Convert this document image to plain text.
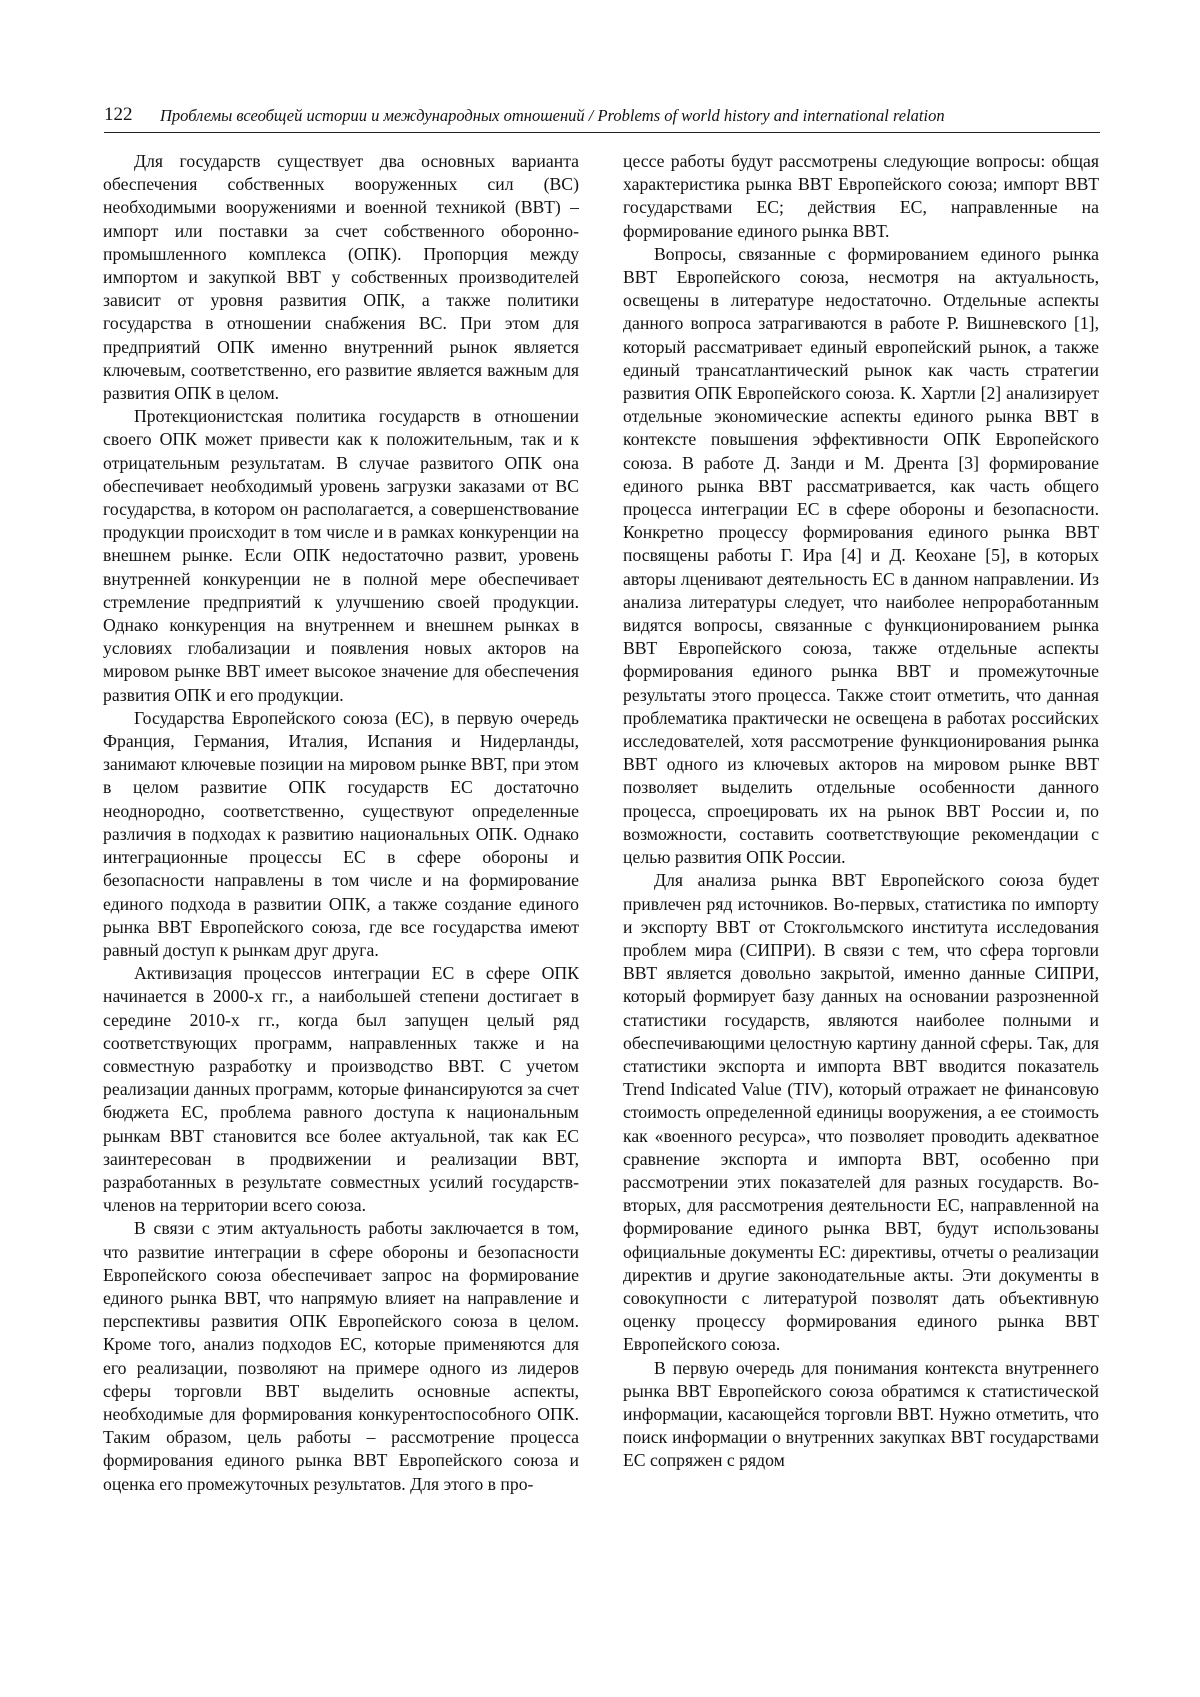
122 Проблемы всеобщей истории и международных отношений / Problems of world history and international relation

Для государств существует два основных варианта обеспечения собственных вооруженных сил (ВС) необходимыми вооружениями и военной техникой (ВВТ) – импорт или поставки за счет собственного оборонно-промышленного комплекса (ОПК). Пропорция между импортом и закупкой ВВТ у собственных производителей зависит от уровня развития ОПК, а также политики государства в отношении снабжения ВС. При этом для предприятий ОПК именно внутренний рынок является ключевым, соответственно, его развитие является важным для развития ОПК в целом.

Протекционистская политика государств в отношении своего ОПК может привести как к положительным, так и к отрицательным результатам. В случае развитого ОПК она обеспечивает необходимый уровень загрузки заказами от ВС государства, в котором он располагается, а совершенствование продукции происходит в том числе и в рамках конкуренции на внешнем рынке. Если ОПК недостаточно развит, уровень внутренней конкуренции не в полной мере обеспечивает стремление предприятий к улучшению своей продукции. Однако конкуренция на внутреннем и внешнем рынках в условиях глобализации и появления новых акторов на мировом рынке ВВТ имеет высокое значение для обеспечения развития ОПК и его продукции.

Государства Европейского союза (ЕС), в первую очередь Франция, Германия, Италия, Испания и Нидерланды, занимают ключевые позиции на мировом рынке ВВТ, при этом в целом развитие ОПК государств ЕС достаточно неоднородно, соответственно, существуют определенные различия в подходах к развитию национальных ОПК. Однако интеграционные процессы ЕС в сфере обороны и безопасности направлены в том числе и на формирование единого подхода в развитии ОПК, а также создание единого рынка ВВТ Европейского союза, где все государства имеют равный доступ к рынкам друг друга.

Активизация процессов интеграции ЕС в сфере ОПК начинается в 2000-х гг., а наибольшей степени достигает в середине 2010-х гг., когда был запущен целый ряд соответствующих программ, направленных также и на совместную разработку и производство ВВТ. С учетом реализации данных программ, которые финансируются за счет бюджета ЕС, проблема равного доступа к национальным рынкам ВВТ становится все более актуальной, так как ЕС заинтересован в продвижении и реализации ВВТ, разработанных в результате совместных усилий государств-членов на территории всего союза.

В связи с этим актуальность работы заключается в том, что развитие интеграции в сфере обороны и безопасности Европейского союза обеспечивает запрос на формирование единого рынка ВВТ, что напрямую влияет на направление и перспективы развития ОПК Европейского союза в целом. Кроме того, анализ подходов ЕС, которые применяются для его реализации, позволяют на примере одного из лидеров сферы торговли ВВТ выделить основные аспекты, необходимые для формирования конкурентоспособного ОПК. Таким образом, цель работы – рассмотрение процесса формирования единого рынка ВВТ Европейского союза и оценка его промежуточных результатов. Для этого в про-

цессе работы будут рассмотрены следующие вопросы: общая характеристика рынка ВВТ Европейского союза; импорт ВВТ государствами ЕС; действия ЕС, направленные на формирование единого рынка ВВТ.

Вопросы, связанные с формированием единого рынка ВВТ Европейского союза, несмотря на актуальность, освещены в литературе недостаточно. Отдельные аспекты данного вопроса затрагиваются в работе Р. Вишневского [1], который рассматривает единый европейский рынок, а также единый трансатлантический рынок как часть стратегии развития ОПК Европейского союза. К. Хартли [2] анализирует отдельные экономические аспекты единого рынка ВВТ в контексте повышения эффективности ОПК Европейского союза. В работе Д. Занди и М. Дрента [3] формирование единого рынка ВВТ рассматривается, как часть общего процесса интеграции ЕС в сфере обороны и безопасности. Конкретно процессу формирования единого рынка ВВТ посвящены работы Г. Ира [4] и Д. Кеохане [5], в которых авторы лценивают деятельность ЕС в данном направлении. Из анализа литературы следует, что наиболее непроработанным видятся вопросы, связанные с функционированием рынка ВВТ Европейского союза, также отдельные аспекты формирования единого рынка ВВТ и промежуточные результаты этого процесса. Также стоит отметить, что данная проблематика практически не освещена в работах российских исследователей, хотя рассмотрение функционирования рынка ВВТ одного из ключевых акторов на мировом рынке ВВТ позволяет выделить отдельные особенности данного процесса, спроецировать их на рынок ВВТ России и, по возможности, составить соответствующие рекомендации с целью развития ОПК России.

Для анализа рынка ВВТ Европейского союза будет привлечен ряд источников. Во-первых, статистика по импорту и экспорту ВВТ от Стокгольмского института исследования проблем мира (СИПРИ). В связи с тем, что сфера торговли ВВТ является довольно закрытой, именно данные СИПРИ, который формирует базу данных на основании разрозненной статистики государств, являются наиболее полными и обеспечивающими целостную картину данной сферы. Так, для статистики экспорта и импорта ВВТ вводится показатель Trend Indicated Value (TIV), который отражает не финансовую стоимость определенной единицы вооружения, а ее стоимость как «военного ресурса», что позволяет проводить адекватное сравнение экспорта и импорта ВВТ, особенно при рассмотрении этих показателей для разных государств. Во-вторых, для рассмотрения деятельности ЕС, направленной на формирование единого рынка ВВТ, будут использованы официальные документы ЕС: директивы, отчеты о реализации директив и другие законодательные акты. Эти документы в совокупности с литературой позволят дать объективную оценку процессу формирования единого рынка ВВТ Европейского союза.

В первую очередь для понимания контекста внутреннего рынка ВВТ Европейского союза обратимся к статистической информации, касающейся торговли ВВТ. Нужно отметить, что поиск информации о внутренних закупках ВВТ государствами ЕС сопряжен с рядом
